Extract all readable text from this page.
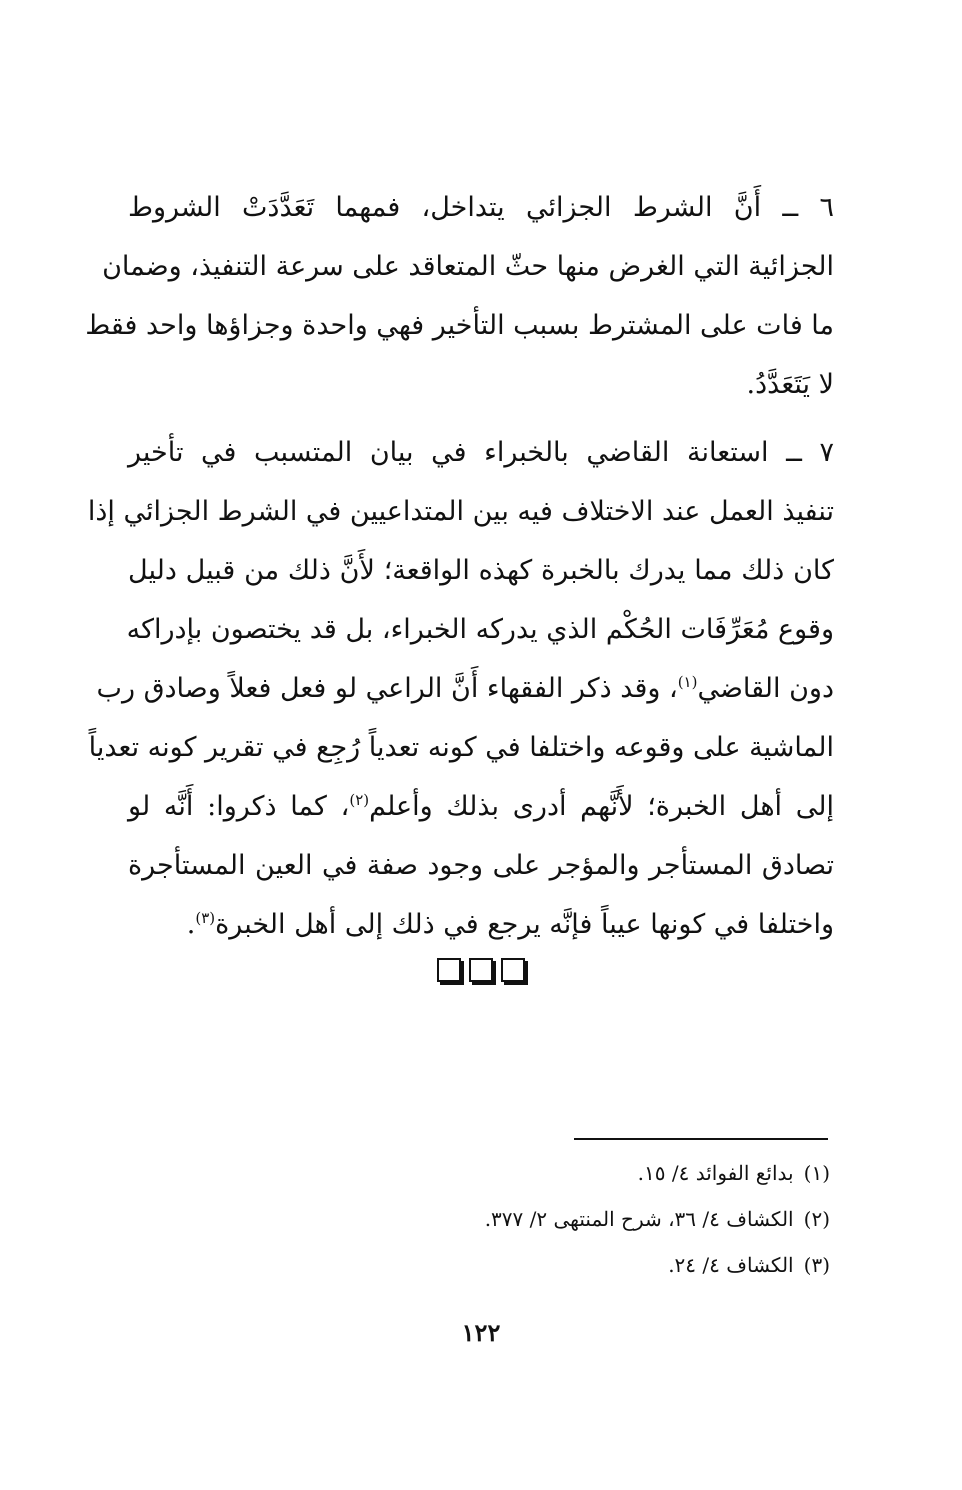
٦ ــ أَنَّ الشرط الجزائي يتداخل، فمهما تَعَدَّدَتْ الشروط
الجزائية التي الغرض منها حثّ المتعاقد على سرعة التنفيذ، وضمان
ما فات على المشترط بسبب التأخير فهي واحدة وجزاؤها واحد فقط
لا يَتَعَدَّدُ.

٧ ــ استعانة القاضي بالخبراء في بيان المتسبب في تأخير
تنفيذ العمل عند الاختلاف فيه بين المتداعيين في الشرط الجزائي إذا
كان ذلك مما يدرك بالخبرة كهذه الواقعة؛ لأَنَّ ذلك من قبيل دليل
وقوع مُعَرِّفَات الحُكْم الذي يدركه الخبراء، بل قد يختصون بإدراكه
دون القاضي$^{(١)}$، وقد ذكر الفقهاء أَنَّ الراعي لو فعل فعلاً وصادق رب
الماشية على وقوعه واختلفا في كونه تعدياً رُجِع في تقرير كونه تعدياً
إلى أهل الخبرة؛ لأَنَّهم أدرى بذلك وأعلم$^{(٢)}$، كما ذكروا: أَنَّه لو
تصادق المستأجر والمؤجر على وجود صفة في العين المستأجرة
واختلفا في كونها عيباً فإنَّه يرجع في ذلك إلى أهل الخبرة$^{(٣)}$.

(١)بدائع الفوائد ٤/ ١٥.
(٢)الكشاف ٤/ ٣٦، شرح المنتهى ٢/ ٣٧٧.
(٣)الكشاف ٤/ ٢٤.
١٢٢
